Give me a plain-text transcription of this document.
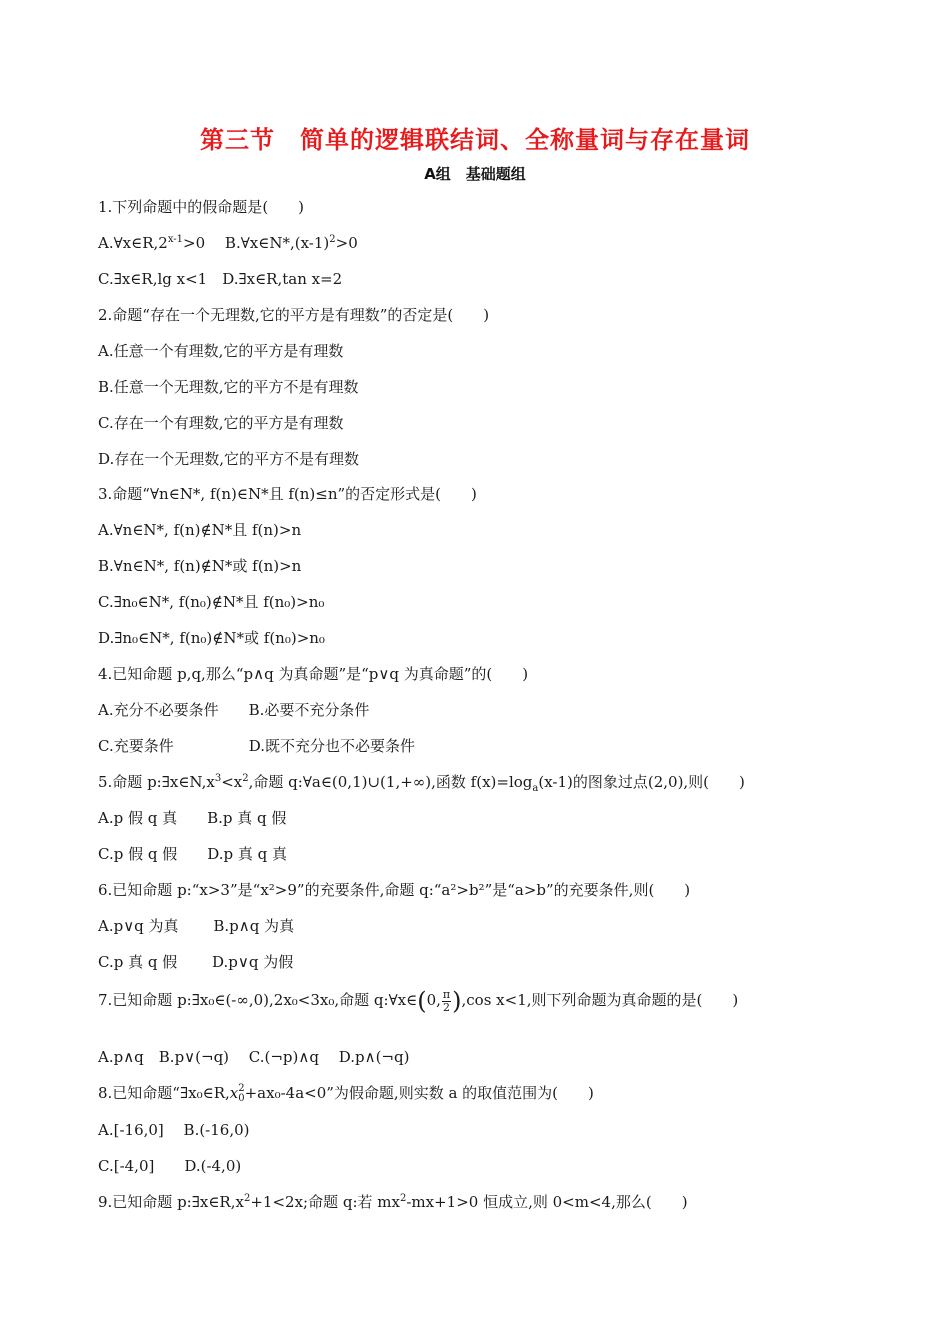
第三节　简单的逻辑联结词、全称量词与存在量词
A组　基础题组
1.下列命题中的假命题是(　　)
$A.\forall x\in R,2^{x-1}>0$　 $B.\forall x\in N*,(x-1)^2>0$
C.∃x∈R,lg x<1　D.∃x∈R,tan x=2
2.命题“存在一个无理数,它的平方是有理数”的否定是(　　)
A.任意一个有理数,它的平方是有理数
B.任意一个无理数,它的平方不是有理数
C.存在一个有理数,它的平方是有理数
D.存在一个无理数,它的平方不是有理数
3.命题“∀n∈N*, f(n)∈N*且 f(n)≤n”的否定形式是(　　)
A.∀n∈N*, f(n)∉N*且 f(n)>n
B.∀n∈N*, f(n)∉N*或 f(n)>n
C.∃n₀∈N*, f(n₀)∉N*且 f(n₀)>n₀
D.∃n₀∈N*, f(n₀)∉N*或 f(n₀)>n₀
4.已知命题 p,q,那么“p∧q 为真命题”是“p∨q 为真命题”的(　　)
A.充分不必要条件　　B.必要不充分条件
C.充要条件　　　　　D.既不充分也不必要条件
5.命题 $p:\exists x\in N,x^3<x^2$,命题 q:∀a∈(0,1)∪(1,+∞),函数 $f(x)=\log_a(x-1)$的图象过点(2,0),则(　　)
A.p 假 q 真　　B.p 真 q 假
C.p 假 q 假　　D.p 真 q 真
6.已知命题 p:“x>3”是“x²>9”的充要条件,命题 q:“a²>b²”是“a>b”的充要条件,则(　　)
A.p∨q 为真　　 B.p∧q 为真
C.p 真 q 假　　 D.p∨q 为假
7.已知命题 p:∃x₀∈(-∞,0),2x₀<3x₀,命题 q:∀x∈(0, $\frac{\pi}{2} ),\cos$ x<1,则下列命题为真命题的是(　　)
A.p∧q　B.p∨(¬q)　 C.(¬p)∧q　 D.p∧(¬q)
8.已知命题“∃x₀∈R,x 2
0 +ax₀-4a<0”为假命题,则实数 a 的取值范围为(　　)
A.[-16,0]　 B.(-16,0)
C.[-4,0]　　D.(-4,0)
9.已知命题 $p:\exists x\in R,x^2+1<2x$;命题 q:若 $mx^2-mx+1>0$ 恒成立,则 0<m<4,那么(　　)
